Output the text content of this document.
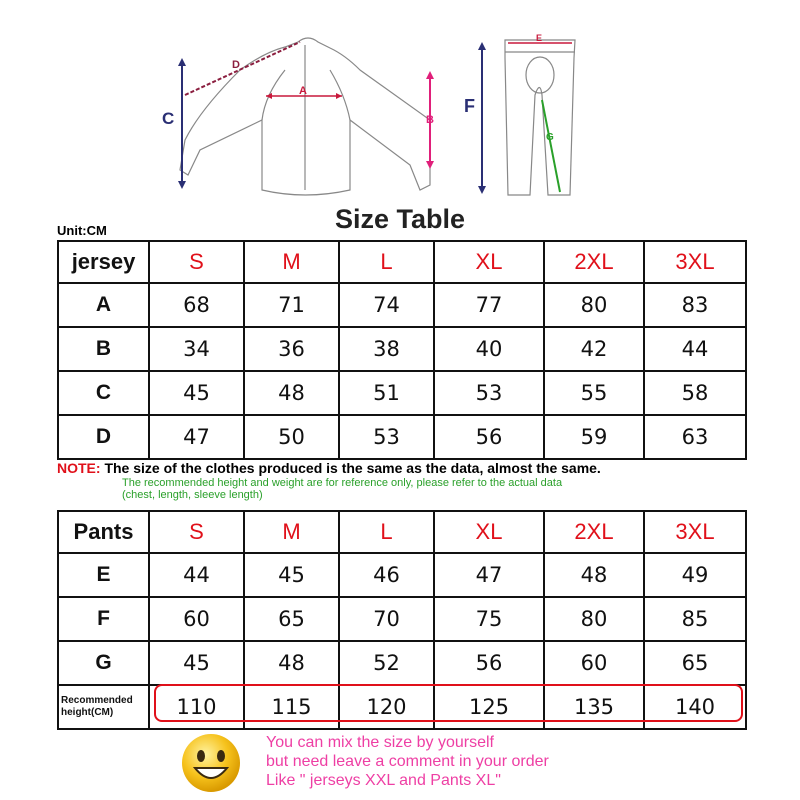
D
A
C	B
E
F
G
Size Table
Unit:CM
jersey	S	M	L	XL	2XL	3XL
A	68	71	74	77	80	83
B	34	36	38	40	42	44
C	45	48	51	53	55	58
D	47	50	53	56	59	63
NOTE: The size of the clothes produced is the same as the data, almost the same.
The recommended height and weight are for reference only, please refer to the actual data
(chest, length, sleeve length)
Pants	S	M	L	XL	2XL	3XL
E	44	45	46	47	48	49
F	60	65	70	75	80	85
G	45	48	52	56	60	65

Recommended
height(CM)	110	115	120	125	135	140
You can mix the size by yourself
but need leave a comment in your order
Like " jerseys XXL and Pants XL"
